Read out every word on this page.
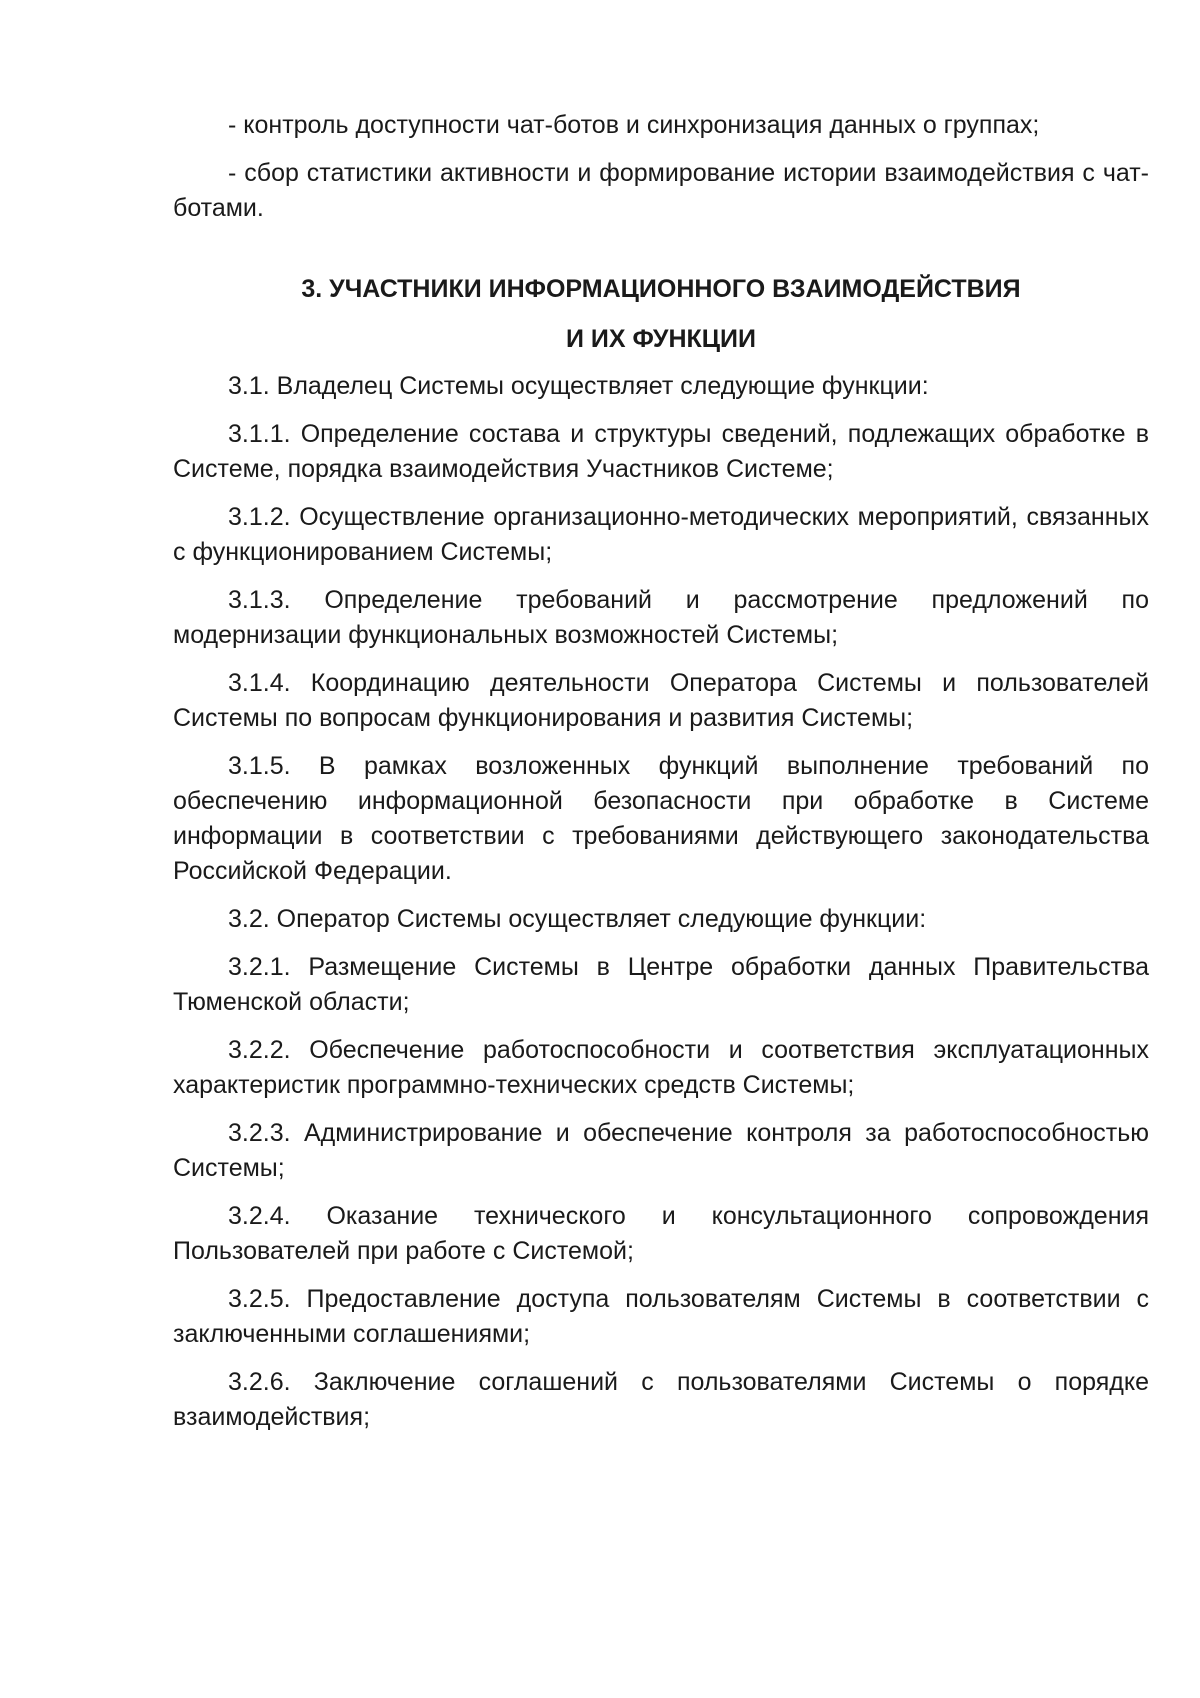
- контроль доступности чат-ботов и синхронизация данных о группах;

- сбор статистики активности и формирование истории взаимодействия с чат-ботами.

3. УЧАСТНИКИ ИНФОРМАЦИОННОГО ВЗАИМОДЕЙСТВИЯ

И ИХ ФУНКЦИИ

3.1. Владелец Системы осуществляет следующие функции:

3.1.1. Определение состава и структуры сведений, подлежащих обработке в Системе, порядка взаимодействия Участников Системе;

3.1.2. Осуществление организационно-методических мероприятий, связанных с функционированием Системы;

3.1.3. Определение требований и рассмотрение предложений по модернизации функциональных возможностей Системы;

3.1.4. Координацию деятельности Оператора Системы и пользователей Системы по вопросам функционирования и развития Системы;

3.1.5. В рамках возложенных функций выполнение требований по обеспечению информационной безопасности при обработке в Системе информации в соответствии с требованиями действующего законодательства Российской Федерации.

3.2. Оператор Системы осуществляет следующие функции:

3.2.1. Размещение Системы в Центре обработки данных Правительства Тюменской области;

3.2.2. Обеспечение работоспособности и соответствия эксплуатационных характеристик программно-технических средств Системы;

3.2.3. Администрирование и обеспечение контроля за работоспособностью Системы;

3.2.4. Оказание технического и консультационного сопровождения Пользователей при работе с Системой;

3.2.5. Предоставление доступа пользователям Системы в соответствии с заключенными соглашениями;

3.2.6. Заключение соглашений с пользователями Системы о порядке взаимодействия;
